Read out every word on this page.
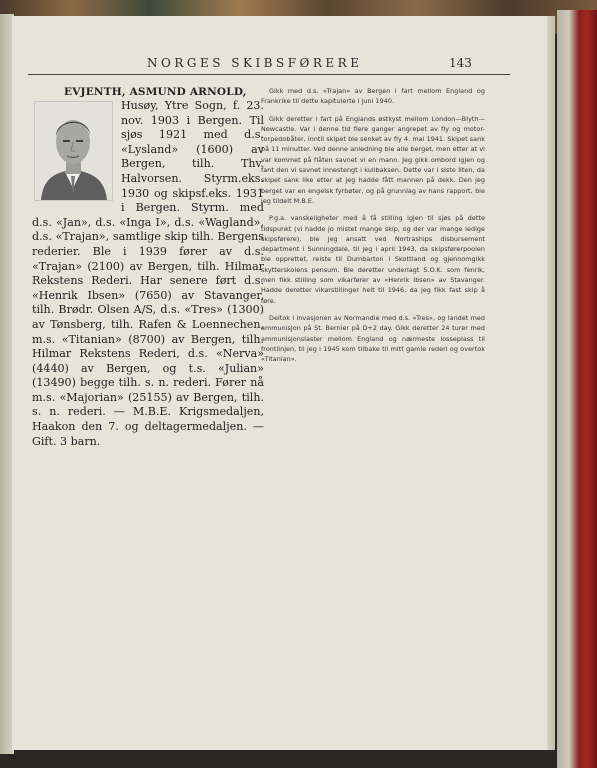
NORGES SKIBSFØRERE	143
EVJENTH, ASMUND ARNOLD,

Husøy, Ytre Sogn, f. 23. nov. 1903 i Bergen. Til sjøs 1921 med d.s. «Lysland» (1600) av Bergen, tilh. Thv. Halvorsen. Styrm.eks. 1930 og skipsf.eks. 1931 i Bergen. Styrm. med d.s. «Jan», d.s. «Inga I», d.s. «Wagland», d.s. «Trajan», samtlige skip tilh. Bergens rederier. Ble i 1939 fører av d.s. «Trajan» (2100) av Bergen, tilh. Hilmar Rekstens Rederi. Har senere ført d.s. «Henrik Ibsen» (7650) av Stavanger, tilh. Brødr. Olsen A/S, d.s. «Tres» (1300) av Tønsberg, tilh. Rafen & Loennechen, m.s. «Titanian» (8700) av Bergen, tilh. Hilmar Rekstens Rederi, d.s. «Nerva» (4440) av Bergen, og t.s. «Julian» (13490) begge tilh. s. n. rederi. Fører nå m.s. «Majorian» (25155) av Bergen, tilh. s. n. rederi. — M.B.E. Krigsmedaljen, Haakon den 7. og deltagermedaljen. — Gift. 3 barn.

Gikk med d.s. «Trajan» av Bergen i fart mellom England og Frankrike til dette kapitulerte i juni 1940.

Gikk deretter i fart på Englands østkyst mellom London—Blyth—Newcastle. Var i denne tid flere ganger angrepet av fly og motor-torpedobåter, inntil skipet ble senket av fly 4. mai 1941. Skipet sank på 11 minutter. Ved denne anledning ble alle berget, men etter at vi var kommet på flåten savnet vi en mann. Jeg gikk ombord igjen og fant den vi savnet innestengt i kullbaksen. Dette var i siste liten, da skipet sank like etter at jeg hadde fått mannen på dekk. Den jeg berget var en engelsk fyrbøter, og på grunnlag av hans rapport, ble jeg tildelt M.B.E.

P.g.a. vanskeligheter med å få stilling igjen til sjøs på dette tidspunkt (vi hadde jo mistet mange skip, og der var mange ledige skipsførere), ble jeg ansatt ved Nortraships disbursement department i Sunningdale, til jeg i april 1943, da skipsførerpoolen ble opprettet, reiste til Dumbarton i Skottland og gjennomgikk skytterskolens pensum. Ble deretter underlagt S.O.K. som fenrik, men fikk stilling som vikarfører av «Henrik Ibsen» av Stavanger. Hadde deretter vikarstillinger helt til 1946, da jeg fikk fast skip å føre.

Deltok i invasjonen av Normandie med d.s. «Tres», og landet med ammunisjon på St. Bernier på D+2 day. Gikk deretter 24 turer med ammunisjonslaster mellom England og nærmeste losseplass til frontlinjen, til jeg i 1945 kom tilbake til mitt gamle rederi og overtok «Titanian».
